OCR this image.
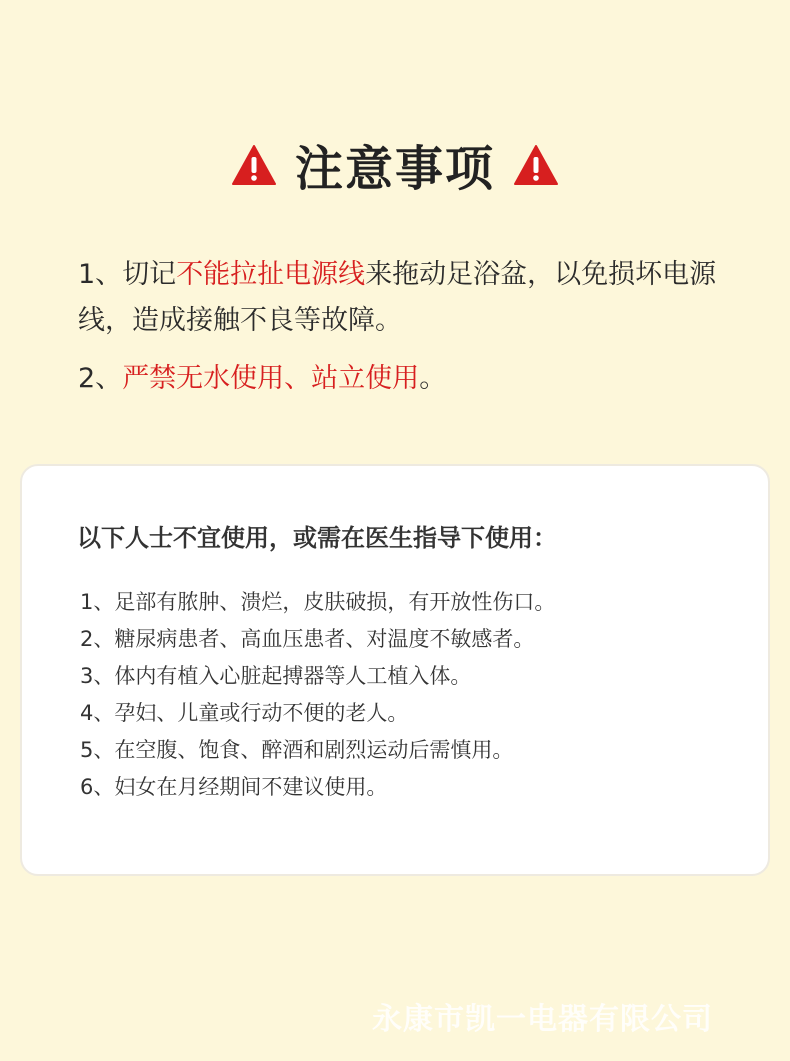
注意事项

1、切记不能拉扯电源线来拖动足浴盆，以免损坏电源线，造成接触不良等故障。

2、严禁无水使用、站立使用。

以下人士不宜使用，或需在医生指导下使用：
1、足部有脓肿、溃烂，皮肤破损，有开放性伤口。
2、糖尿病患者、高血压患者、对温度不敏感者。
3、体内有植入心脏起搏器等人工植入体。
4、孕妇、儿童或行动不便的老人。
5、在空腹、饱食、醉酒和剧烈运动后需慎用。
6、妇女在月经期间不建议使用。
永康市凯一电器有限公司
